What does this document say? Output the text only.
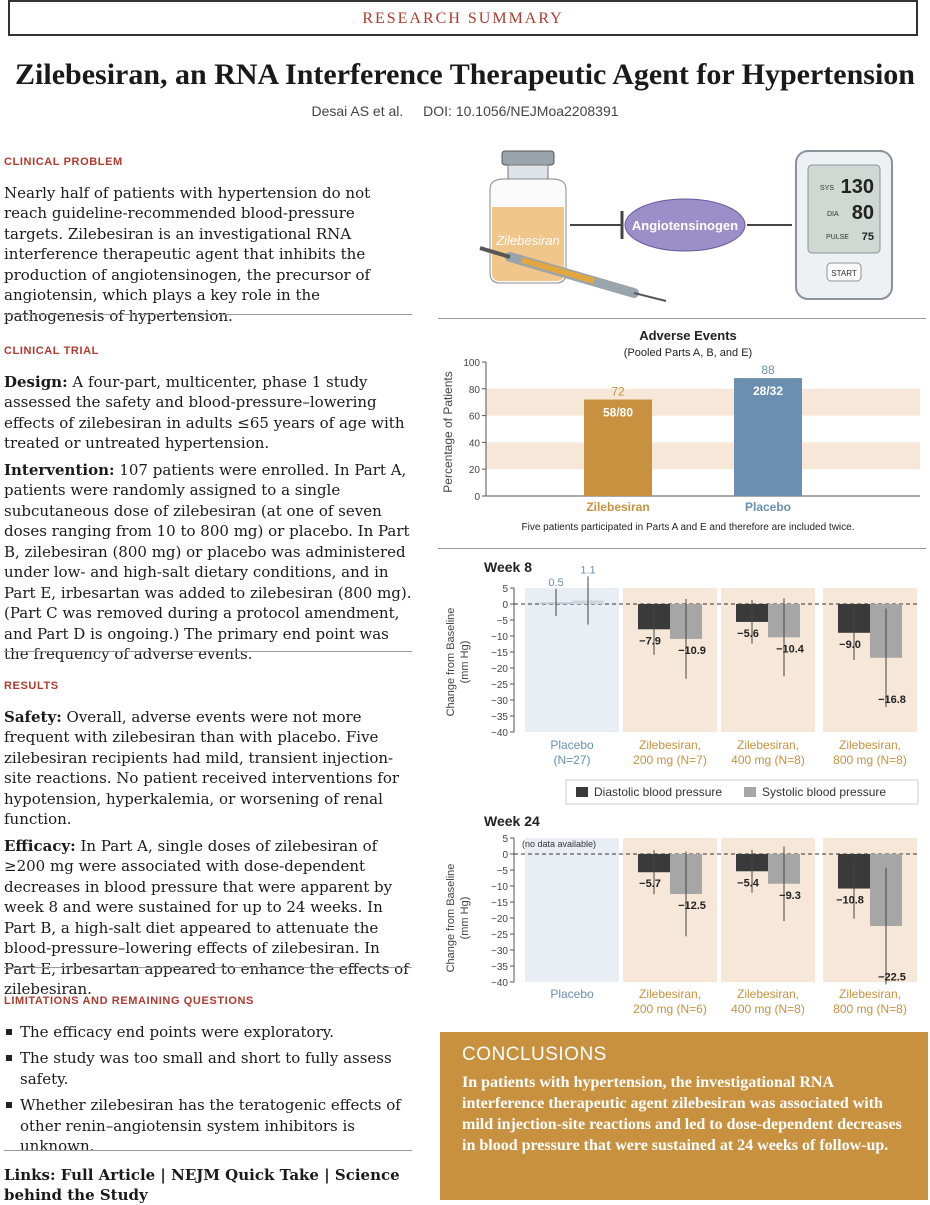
RESEARCH SUMMARY
Zilebesiran, an RNA Interference Therapeutic Agent for Hypertension
Desai AS et al. DOI: 10.1056/NEJMoa2208391
CLINICAL PROBLEM

Nearly half of patients with hypertension do not reach guideline-recommended blood-pressure targets. Zilebesiran is an investigational RNA interference therapeutic agent that inhibits the production of angiotensinogen, the precursor of angiotensin, which plays a key role in the pathogenesis of hypertension.

CLINICAL TRIAL

Design: A four-part, multicenter, phase 1 study assessed the safety and blood-pressure–lowering effects of zilebesiran in adults ≤65 years of age with treated or untreated hypertension.

Intervention: 107 patients were enrolled. In Part A, patients were randomly assigned to a single subcutaneous dose of zilebesiran (at one of seven doses ranging from 10 to 800 mg) or placebo. In Part B, zilebesiran (800 mg) or placebo was administered under low- and high-salt dietary conditions, and in Part E, irbesartan was added to zilebesiran (800 mg). (Part C was removed during a protocol amendment, and Part D is ongoing.) The primary end point was the frequency of adverse events.

RESULTS

Safety: Overall, adverse events were not more frequent with zilebesiran than with placebo. Five zilebesiran recipients had mild, transient injection-site reactions. No patient received interventions for hypotension, hyperkalemia, or worsening of renal function.

Efficacy: In Part A, single doses of zilebesiran of ≥200 mg were associated with dose-dependent decreases in blood pressure that were apparent by week 8 and were sustained for up to 24 weeks. In Part B, a high-salt diet appeared to attenuate the blood-pressure–lowering effects of zilebesiran. In Part E, irbesartan appeared to enhance the effects of zilebesiran.

LIMITATIONS AND REMAINING QUESTIONS
The efficacy end points were exploratory.
The study was too small and short to fully assess safety.
Whether zilebesiran has the teratogenic effects of other renin–angiotensin system inhibitors is unknown.
Links: Full Article | NEJM Quick Take | Science behind the Study
Zilebesiran
Angiotensinogen
SYS 130
DIA 80
PULSE 75
START
Adverse Events
(Pooled Parts A, B, and E)
0
20
40
60
80
100
72
58/80
Zilebesiran
88
28/32
Placebo
Percentage of Patients
Five patients participated in Parts A and E and therefore are included twice.
Week 8
Change from Baseline (mm Hg)
5
0
−5
−10
−15
−20
−25
−30
−35
−40
Placebo
(N=27)
0.5
1.1
Zilebesiran,
200 mg (N=7)
−7.9
−10.9
Zilebesiran,
400 mg (N=8)
−5.6
−10.4
Zilebesiran,
800 mg (N=8)
−9.0
−16.8
Diastolic blood pressure	Systolic blood pressure
Week 24
Change from Baseline (mm Hg)
5
0
−5
−10
−15
−20
−25
−30
−35
−40
Placebo
(no data available)
Zilebesiran,
200 mg (N=6)
−5.7
−12.5
Zilebesiran,
400 mg (N=8)
−5.4
−9.3
Zilebesiran,
800 mg (N=8)
−10.8
−22.5
CONCLUSIONS

In patients with hypertension, the investigational RNA interference therapeutic agent zilebesiran was associated with mild injection-site reactions and led to dose-dependent decreases in blood pressure that were sustained at 24 weeks of follow-up.
